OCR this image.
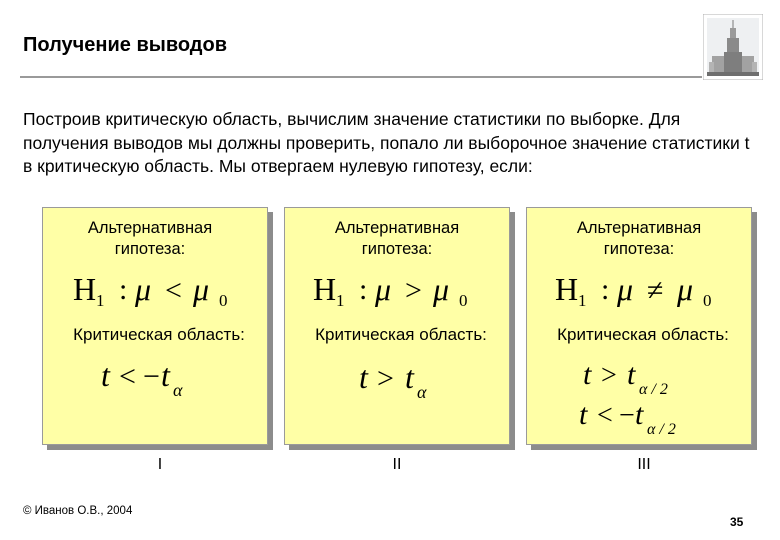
Получение выводов
Построив критическую область, вычислим значение статистики по выборке. Для получения выводов мы должны проверить, попало ли выборочное значение статистики t в критическую область. Мы отвергаем нулевую гипотезу, если:
Альтернативная гипотеза:
H 1 : μ < μ 0
Критическая область:
t < − t α
Альтернативная гипотеза:
H 1 : μ > μ 0
Критическая область:
t > t α
Альтернативная гипотеза:
H 1 : μ ≠ μ 0
Критическая область:
t > t α / 2
t < − t α / 2
I	II	III
© Иванов О.В., 2004
35
